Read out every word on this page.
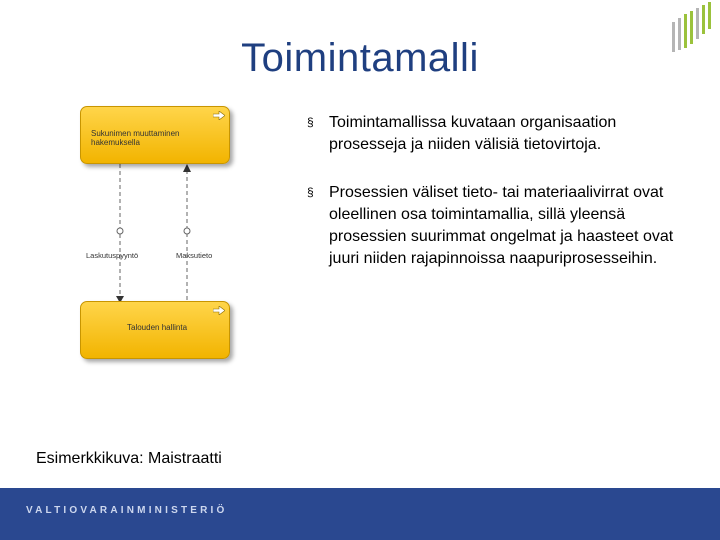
Toimintamalli
Sukunimen muuttaminen hakemuksella
Laskutuspyyntö	Maksutieto
Talouden hallinta
§ Toimintamallissa kuvataan organisaation prosesseja ja niiden välisiä tietovirtoja.
§ Prosessien väliset tieto- tai materiaalivirrat ovat oleellinen osa toimintamallia, sillä yleensä prosessien suurimmat ongelmat ja haasteet ovat juuri niiden rajapinnoissa naapuriprosesseihin.
Esimerkkikuva: Maistraatti
VALTIOVARAINMINISTERIÖ
